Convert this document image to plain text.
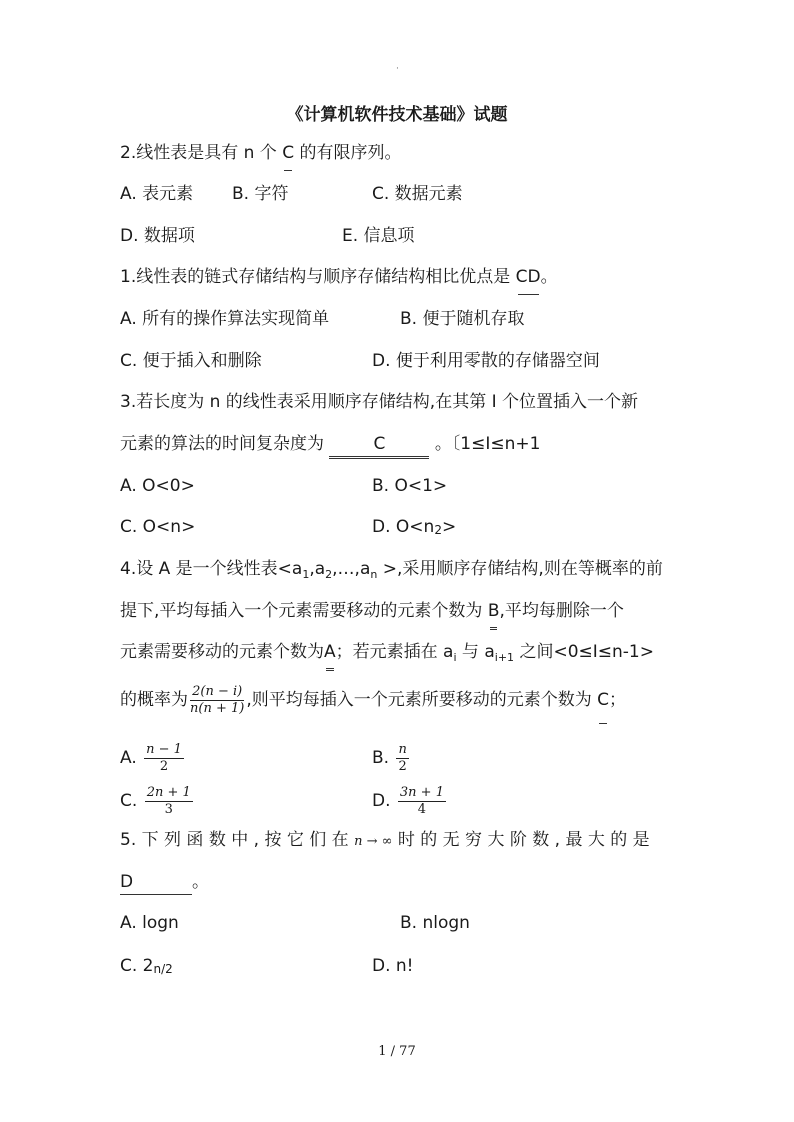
·
《计算机软件技术基础》试题
2.线性表是具有 n 个 C
的有限序列。
A. 表元素 B. 字符	C. 数据元素
D. 数据项	E. 信息项
1.线性表的链式存储结构与顺序存储结构相比优点是 CD
。
A. 所有的操作算法实现简单	B. 便于随机存取
C. 便于插入和删除	D. 便于利用零散的存储器空间
3.若长度为 n 的线性表采用顺序存储结构,在其第 I 个位置插入一个新
元素的算法的时间复杂度为	C	。〔1≤I≤n+1
A. O<0>	B. O<1>
C. O<n>	D. O<n2>
4.设 A 是一个线性表$<a_1,a_2,\dots,a_n$ >,采用顺序存储结构,则在等概率的前
提下,平均每插入一个元素需要移动的元素个数为 B
,平均每删除一个
元素需要移动的元素个数为A
；若元素插在 $a_i$ 与 $a_{i+1}$ 之间<0≤I≤n-1>
的概率为 $\frac{2(n - i)}{n(n + 1)}$ ,则平均每插入一个元素所要移动的元素个数为 C
；
A. $\frac{n - 1}{2}$	B. $\frac{n}{2}$
C. $\frac{2n + 1}{3}$	D. $\frac{3n + 1}{4}$
5. 下 列 函 数 中 , 按 它 们 在 n → ∞ 时 的 无 穷 大 阶 数 , 最 大 的 是
D	。
A. logn	B. nlogn
C. 2n/2	D. n!
1 / 77
